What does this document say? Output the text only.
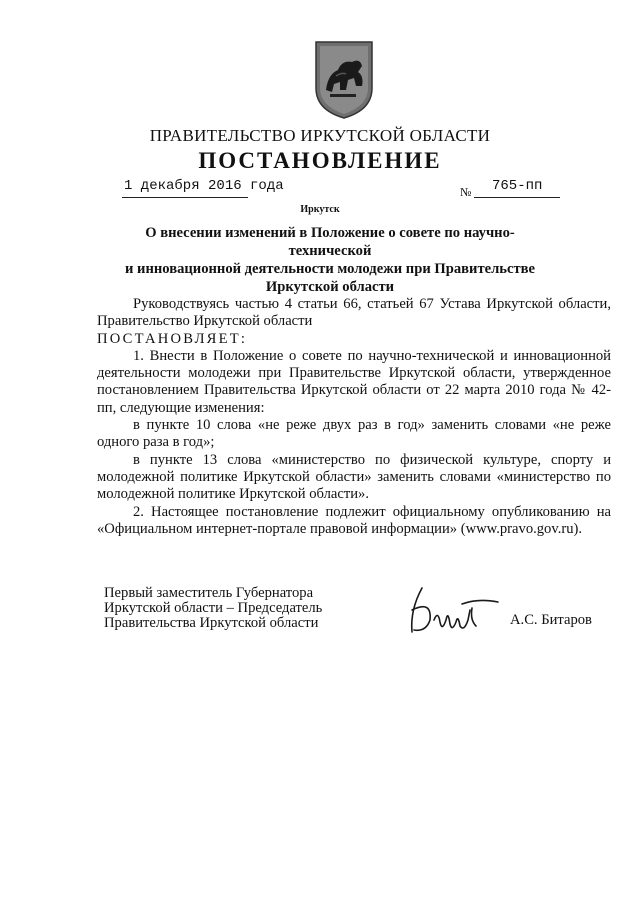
ПРАВИТЕЛЬСТВО ИРКУТСКОЙ ОБЛАСТИ
ПОСТАНОВЛЕНИЕ
1 декабря 2016 года	№ 765-пп
Иркутск
О внесении изменений в Положение о совете по научно-технической
и инновационной деятельности молодежи при Правительстве
Иркутской области

Руководствуясь частью 4 статьи 66, статьей 67 Устава Иркутской области, Правительство Иркутской области

ПОСТАНОВЛЯЕТ:

1. Внести в Положение о совете по научно-технической и инновационной деятельности молодежи при Правительстве Иркутской области, утвержденное постановлением Правительства Иркутской области от 22 марта 2010 года № 42-пп, следующие изменения:

в пункте 10 слова «не реже двух раз в год» заменить словами «не реже одного раза в год»;

в пункте 13 слова «министерство по физической культуре, спорту и молодежной политике Иркутской области» заменить словами «министерство по молодежной политике Иркутской области».

2. Настоящее постановление подлежит официальному опубликованию на «Официальном интернет-портале правовой информации» (www.pravo.gov.ru).

Первый заместитель Губернатора
Иркутской области – Председатель
Правительства Иркутской области	А.С. Битаров
